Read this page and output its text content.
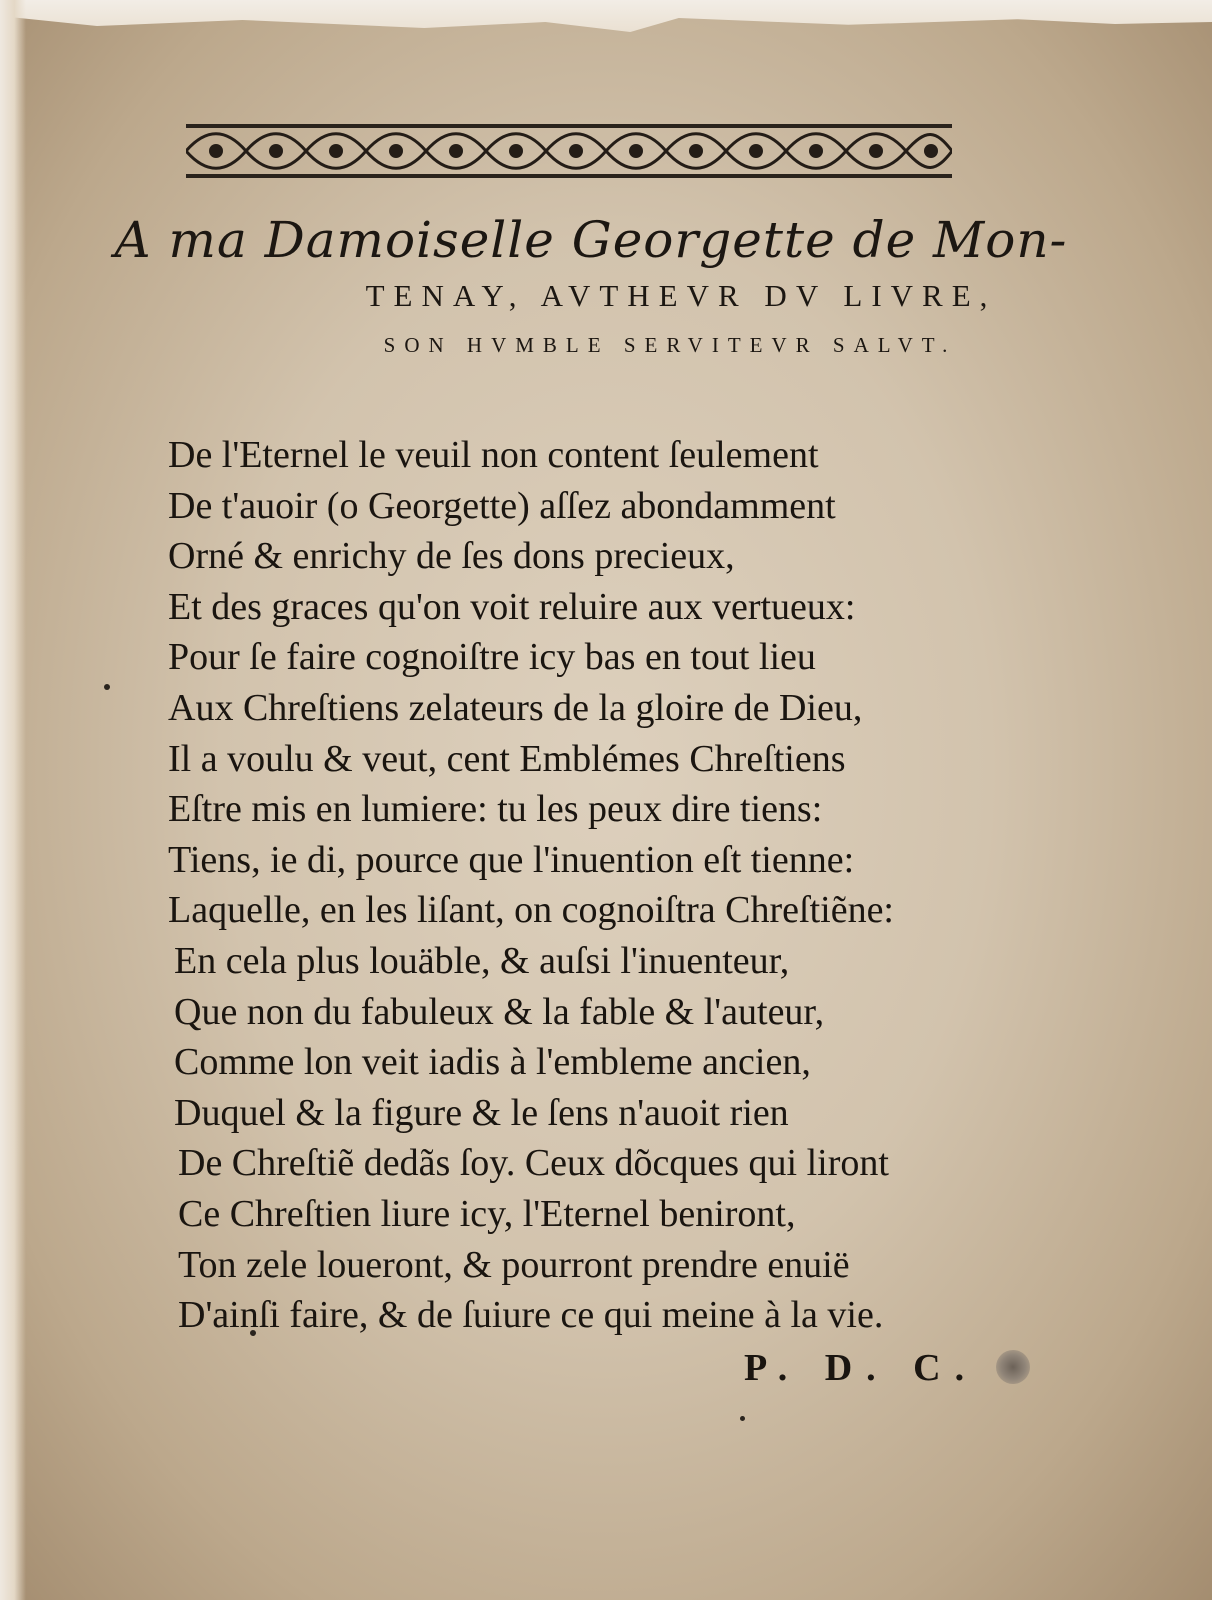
A ma Damoiselle Georgette de Mon-
TENAY, AVTHEVR DV LIVRE,
SON HVMBLE SERVITEVR SALVT.
De l'Eternel le veuil non content ſeulement
De t'auoir (o Georgette) aſſez abondamment
Orné & enrichy de ſes dons precieux,
Et des graces qu'on voit reluire aux vertueux:
Pour ſe faire cognoiſtre icy bas en tout lieu
Aux Chreſtiens zelateurs de la gloire de Dieu,
Il a voulu & veut, cent Emblémes Chreſtiens
Eſtre mis en lumiere: tu les peux dire tiens:
Tiens, ie di, pource que l'inuention eſt tienne:
Laquelle, en les liſant, on cognoiſtra Chreſtiẽne:
En cela plus louäble, & auſsi l'inuenteur,
Que non du fabuleux & la fable & l'auteur,
Comme lon veit iadis à l'embleme ancien,
Duquel & la figure & le ſens n'auoit rien
De Chreſtiẽ dedãs ſoy. Ceux dõcques qui liront
Ce Chreſtien liure icy, l'Eternel beniront,
Ton zele loueront, & pourront prendre enuië
D'ainſi faire, & de ſuiure ce qui meine à la vie.
P. D. C.
